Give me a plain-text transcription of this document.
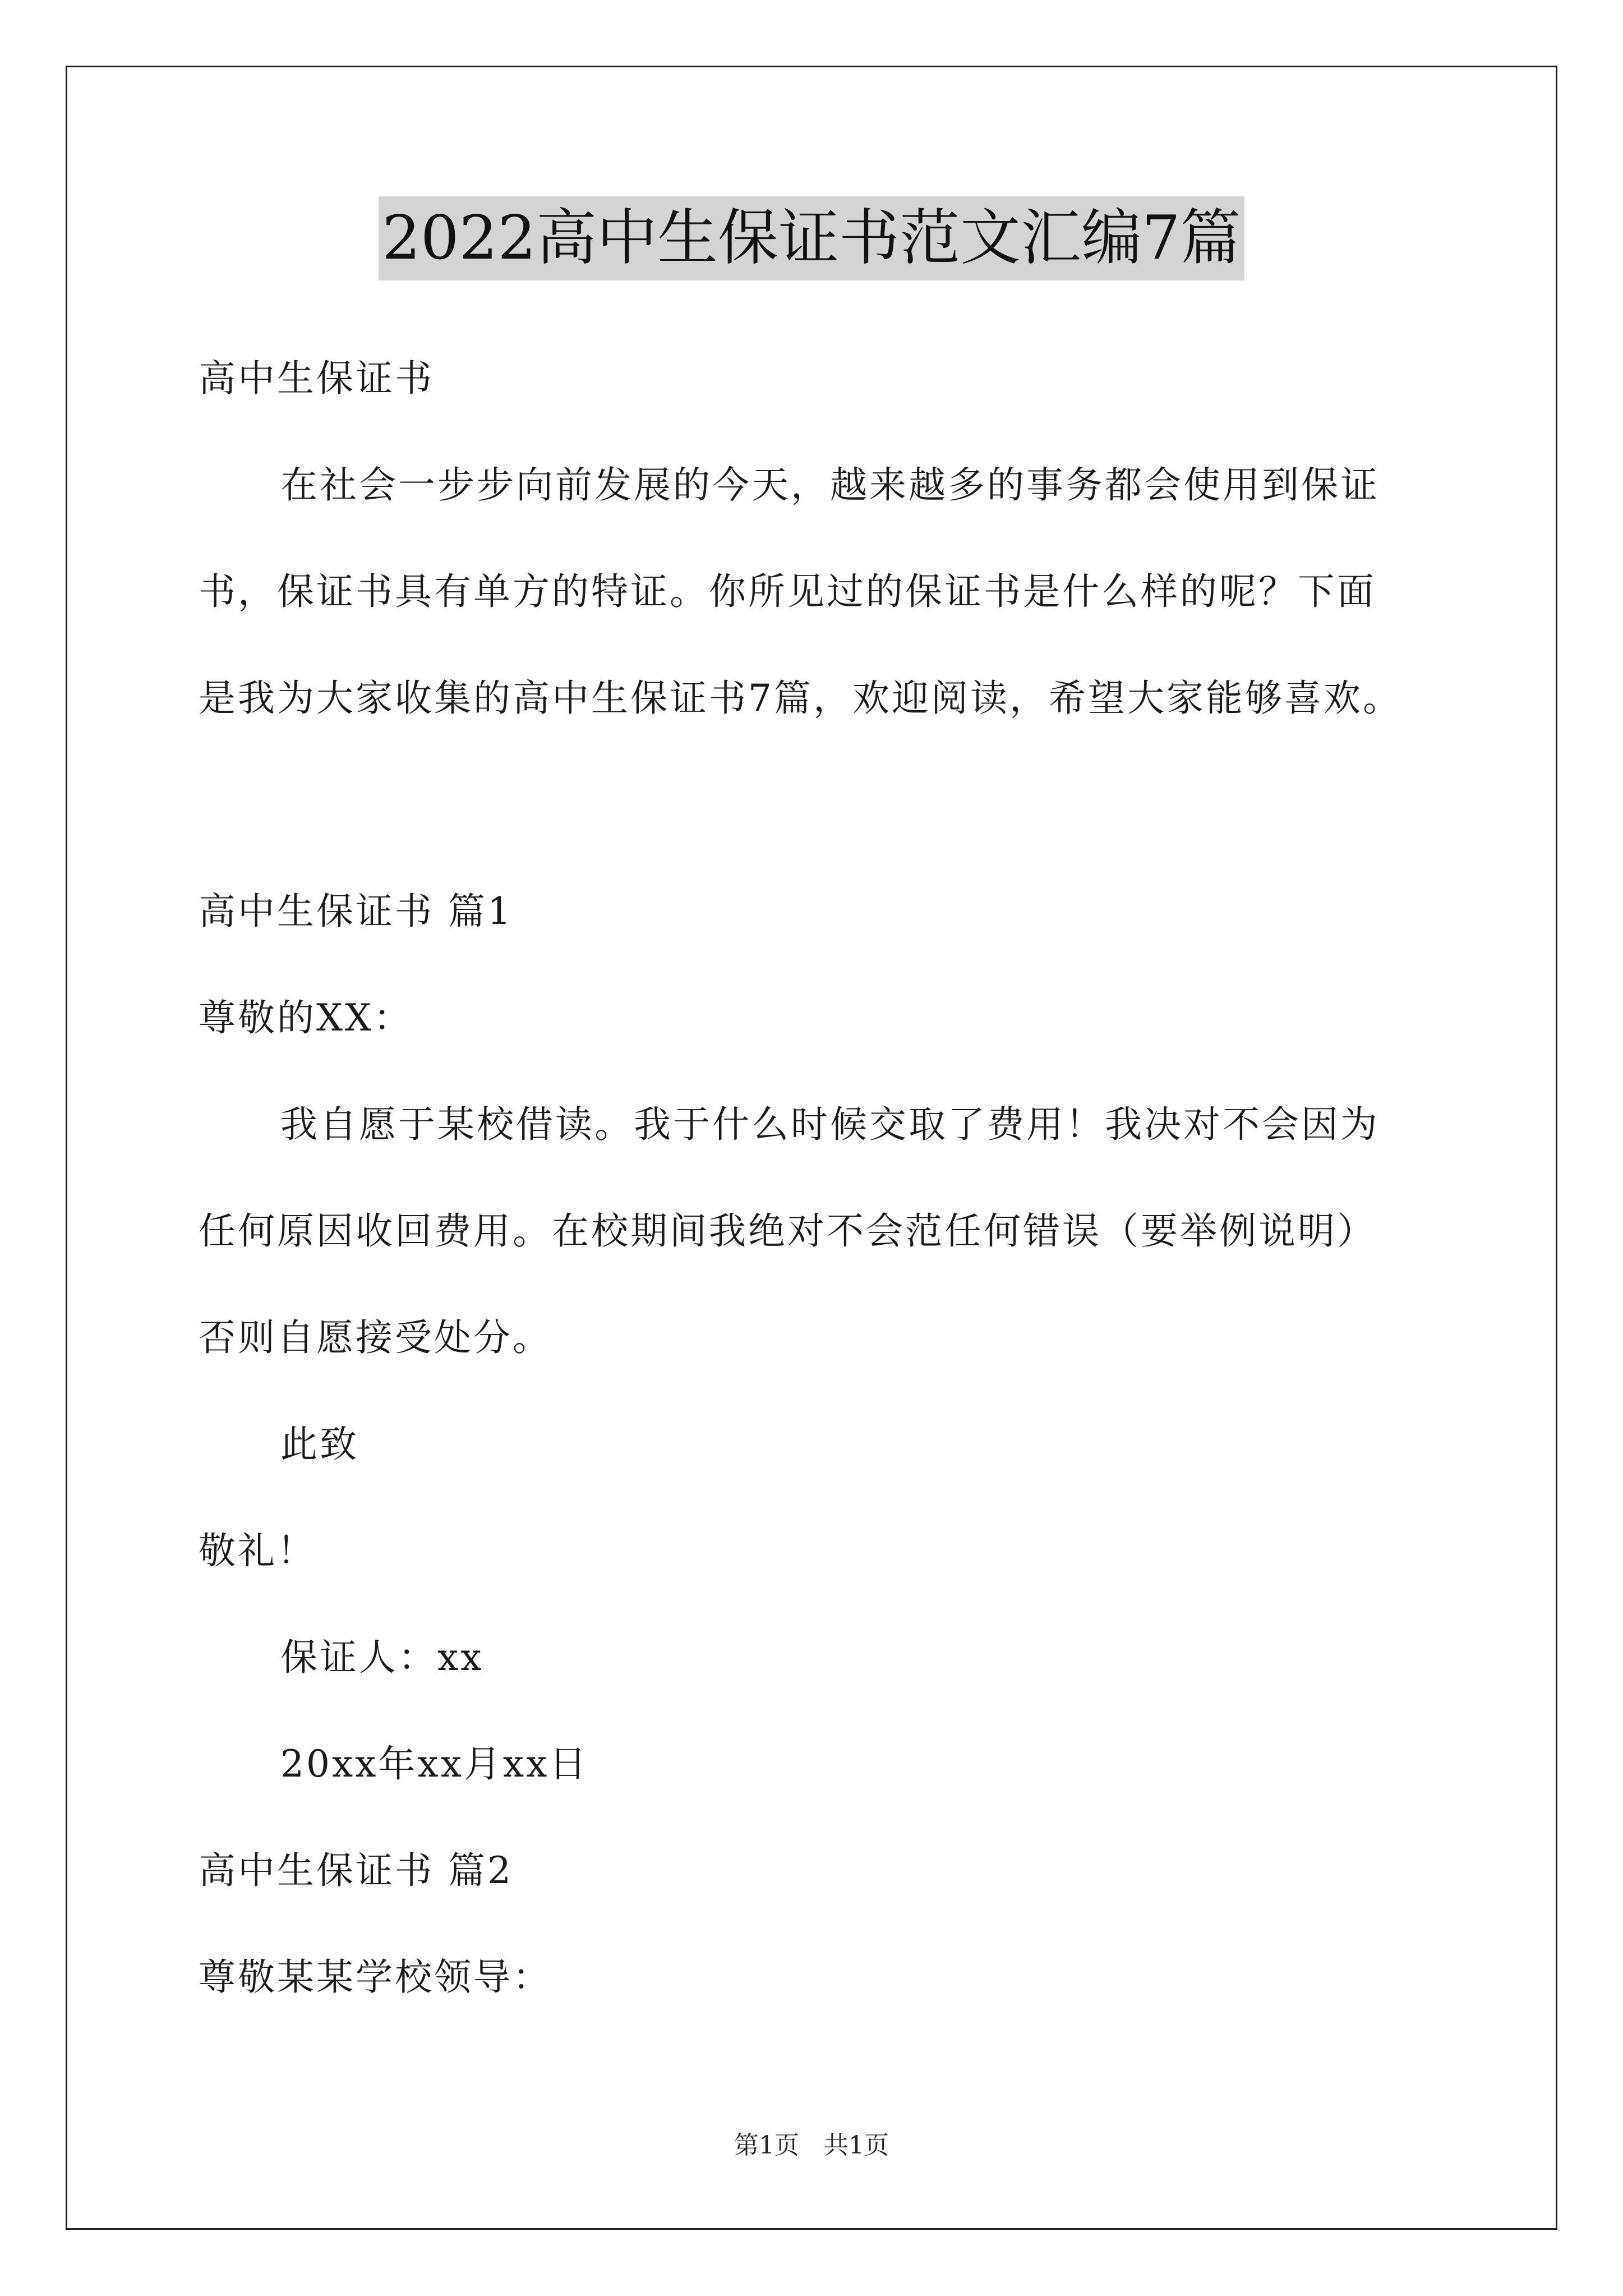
2022高中生保证书范文汇编7篇
高中生保证书
在社会一步步向前发展的今天，越来越多的事务都会使用到保证
书，保证书具有单方的特证。你所见过的保证书是什么样的呢？下面
是我为大家收集的高中生保证书7篇，欢迎阅读，希望大家能够喜欢。
高中生保证书 篇1
尊敬的XX：
我自愿于某校借读。我于什么时候交取了费用！我决对不会因为
任何原因收回费用。在校期间我绝对不会范任何错误（要举例说明）
否则自愿接受处分。
此致
敬礼！
保证人：xx
20xx年xx月xx日
高中生保证书 篇2
尊敬某某学校领导：
第1页　共1页
